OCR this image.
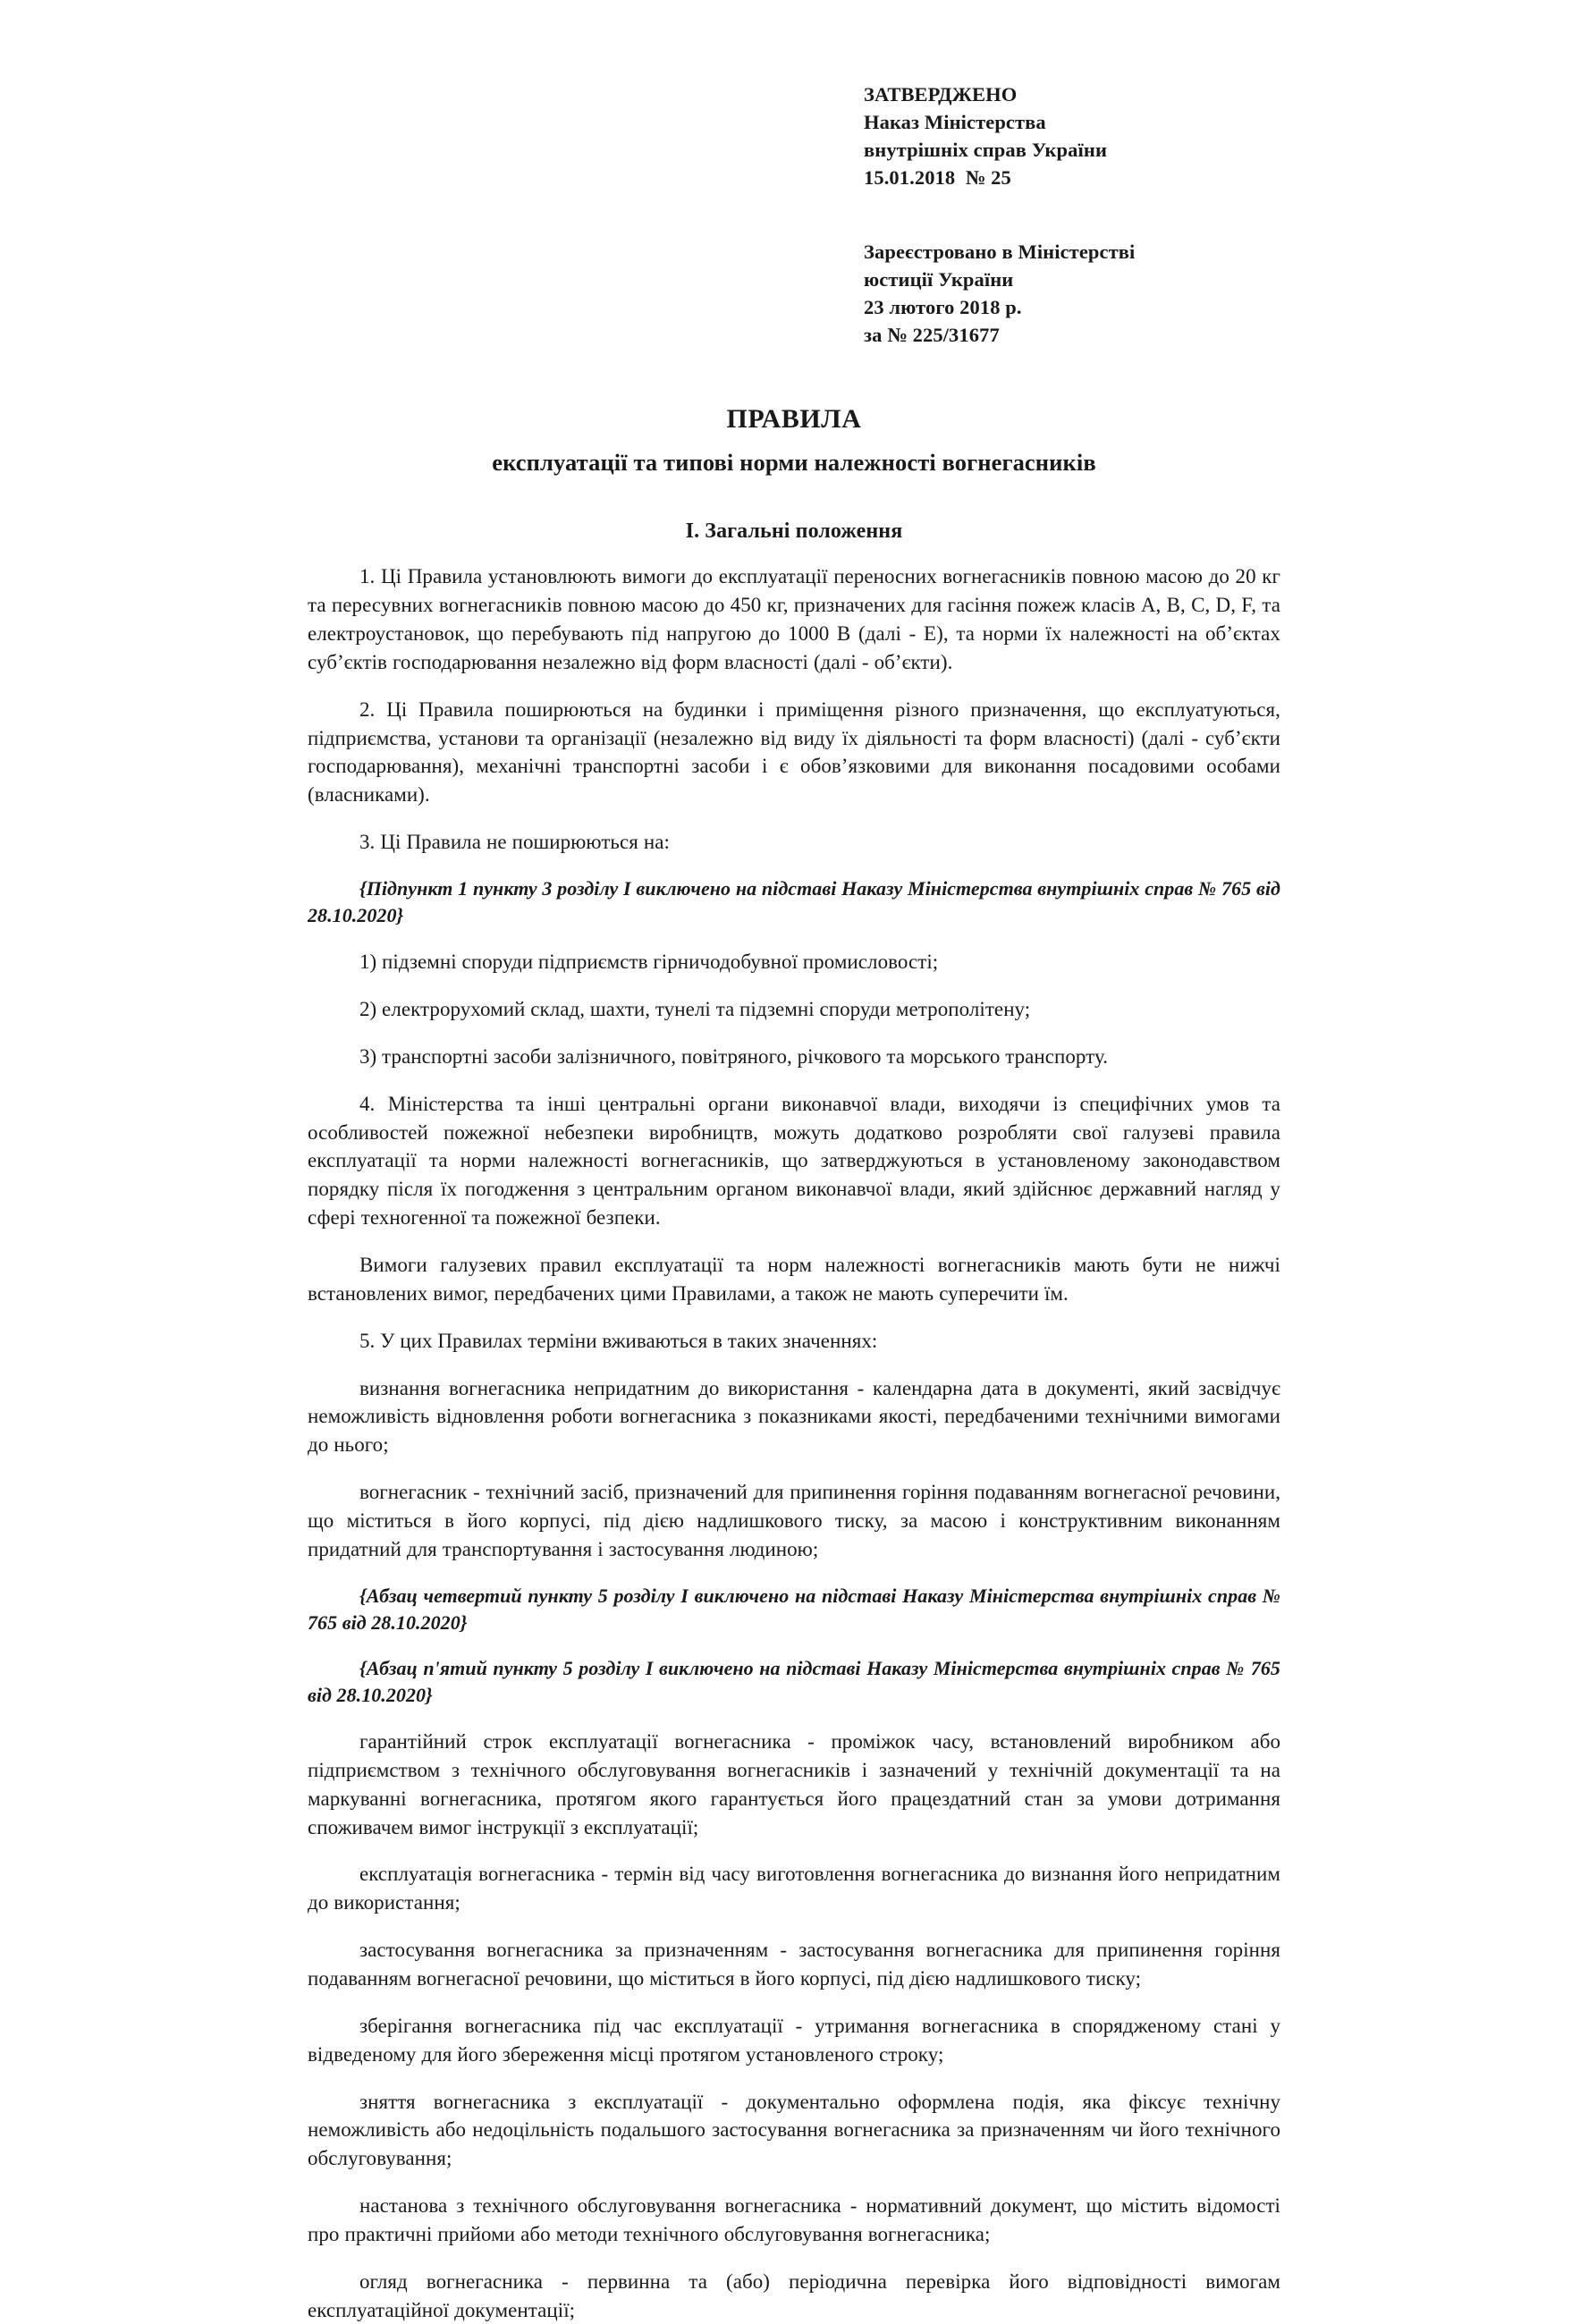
ЗАТВЕРДЖЕНО
Наказ Міністерства
внутрішніх справ України
15.01.2018  № 25
Зареєстровано в Міністерстві
юстиції України
23 лютого 2018 р.
за № 225/31677
ПРАВИЛА
експлуатації та типові норми належності вогнегасників
I. Загальні положення

1. Ці Правила установлюють вимоги до експлуатації переносних вогнегасників повною масою до 20 кг та пересувних вогнегасників повною масою до 450 кг, призначених для гасіння пожеж класів A, B, C, D, F, та електроустановок, що перебувають під напругою до 1000 В (далі - Е), та норми їх належності на об’єктах суб’єктів господарювання незалежно від форм власності (далі - об’єкти).

2. Ці Правила поширюються на будинки і приміщення різного призначення, що експлуатуються, підприємства, установи та організації (незалежно від виду їх діяльності та форм власності) (далі - суб’єкти господарювання), механічні транспортні засоби і є обов’язковими для виконання посадовими особами (власниками).

3. Ці Правила не поширюються на:

{Підпункт 1 пункту 3 розділу I виключено на підставі Наказу Міністерства внутрішніх справ № 765 від 28.10.2020}

1) підземні споруди підприємств гірничодобувної промисловості;

2) електрорухомий склад, шахти, тунелі та підземні споруди метрополітену;

3) транспортні засоби залізничного, повітряного, річкового та морського транспорту.

4. Міністерства та інші центральні органи виконавчої влади, виходячи із специфічних умов та особливостей пожежної небезпеки виробництв, можуть додатково розробляти свої галузеві правила експлуатації та норми належності вогнегасників, що затверджуються в установленому законодавством порядку після їх погодження з центральним органом виконавчої влади, який здійснює державний нагляд у сфері техногенної та пожежної безпеки.

Вимоги галузевих правил експлуатації та норм належності вогнегасників мають бути не нижчі встановлених вимог, передбачених цими Правилами, а також не мають суперечити їм.

5. У цих Правилах терміни вживаються в таких значеннях:

визнання вогнегасника непридатним до використання - календарна дата в документі, який засвідчує неможливість відновлення роботи вогнегасника з показниками якості, передбаченими технічними вимогами до нього;

вогнегасник - технічний засіб, призначений для припинення горіння подаванням вогнегасної речовини, що міститься в його корпусі, під дією надлишкового тиску, за масою і конструктивним виконанням придатний для транспортування і застосування людиною;

{Абзац четвертий пункту 5 розділу I виключено на підставі Наказу Міністерства внутрішніх справ № 765 від 28.10.2020}

{Абзац п'ятий пункту 5 розділу I виключено на підставі Наказу Міністерства внутрішніх справ № 765 від 28.10.2020}

гарантійний строк експлуатації вогнегасника - проміжок часу, встановлений виробником або підприємством з технічного обслуговування вогнегасників і зазначений у технічній документації та на маркуванні вогнегасника, протягом якого гарантується його працездатний стан за умови дотримання споживачем вимог інструкції з експлуатації;

експлуатація вогнегасника - термін від часу виготовлення вогнегасника до визнання його непридатним до використання;

застосування вогнегасника за призначенням - застосування вогнегасника для припинення горіння подаванням вогнегасної речовини, що міститься в його корпусі, під дією надлишкового тиску;

зберігання вогнегасника під час експлуатації - утримання вогнегасника в спорядженому стані у відведеному для його збереження місці протягом установленого строку;

зняття вогнегасника з експлуатації - документально оформлена подія, яка фіксує технічну неможливість або недоцільність подальшого застосування вогнегасника за призначенням чи його технічного обслуговування;

настанова з технічного обслуговування вогнегасника - нормативний документ, що містить відомості про практичні прийоми або методи технічного обслуговування вогнегасника;

огляд вогнегасника - первинна та (або) періодична перевірка його відповідності вимогам експлуатаційної документації;
